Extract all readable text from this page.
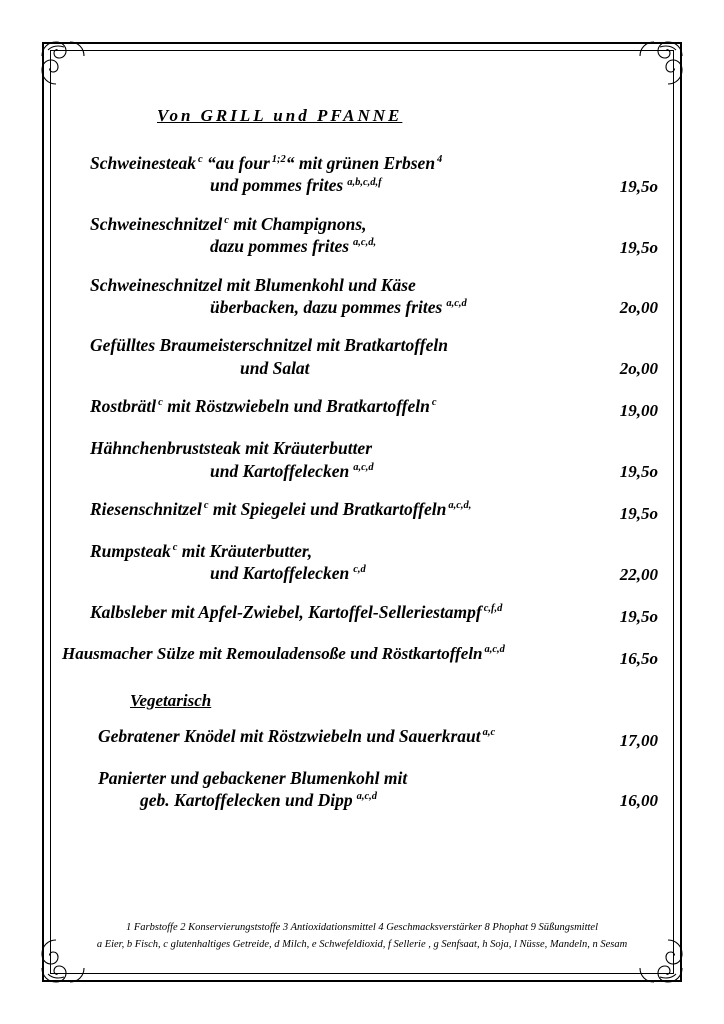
Von GRILL und PFANNE
Schweinesteak $^c$ “au four $^{1;2}$“ mit grünen Erbsen $^4$
und pommes frites $^{a,b,c,d,f}$	19,5o
Schweineschnitzel $^c$ mit Champignons,
dazu pommes frites $^{a,c,d,}$	19,5o
Schweineschnitzel mit Blumenkohl und Käse
überbacken, dazu pommes frites $^{a,c,d}$	2o,00
Gefülltes Braumeisterschnitzel mit Bratkartoffeln
und Salat	2o,00
Rostbrätl $^c$ mit Röstzwiebeln und Bratkartoffeln $^c$	19,00
Hähnchenbruststeak mit Kräuterbutter
und Kartoffelecken $^{a,c,d}$	19,5o
Riesenschnitzel $^c$ mit Spiegelei und Bratkartoffeln $^{a,c,d,}$	19,5o
Rumpsteak $^c$ mit Kräuterbutter,
und Kartoffelecken $^{c,d}$	22,00
Kalbsleber mit Apfel-Zwiebel, Kartoffel-Selleriestampf $^{c,f,d}$	19,5o
Hausmacher Sülze mit Remouladensoße und Röstkartoffeln $^{a,c,d}$	16,5o
Vegetarisch
Gebratener Knödel mit Röstzwiebeln und Sauerkraut $^{a,c}$	17,00
Panierter und gebackener Blumenkohl mit
geb. Kartoffelecken und Dipp $^{a,c,d}$	16,00
1 Farbstoffe 2 Konservierungststoffe 3 Antioxidationsmittel 4 Geschmacksverstärker 8 Phophat 9 Süßungsmittel
a Eier, b Fisch, c glutenhaltiges Getreide, d Milch, e Schwefeldioxid, f Sellerie , g Senfsaat, h Soja, l Nüsse, Mandeln, n Sesam
